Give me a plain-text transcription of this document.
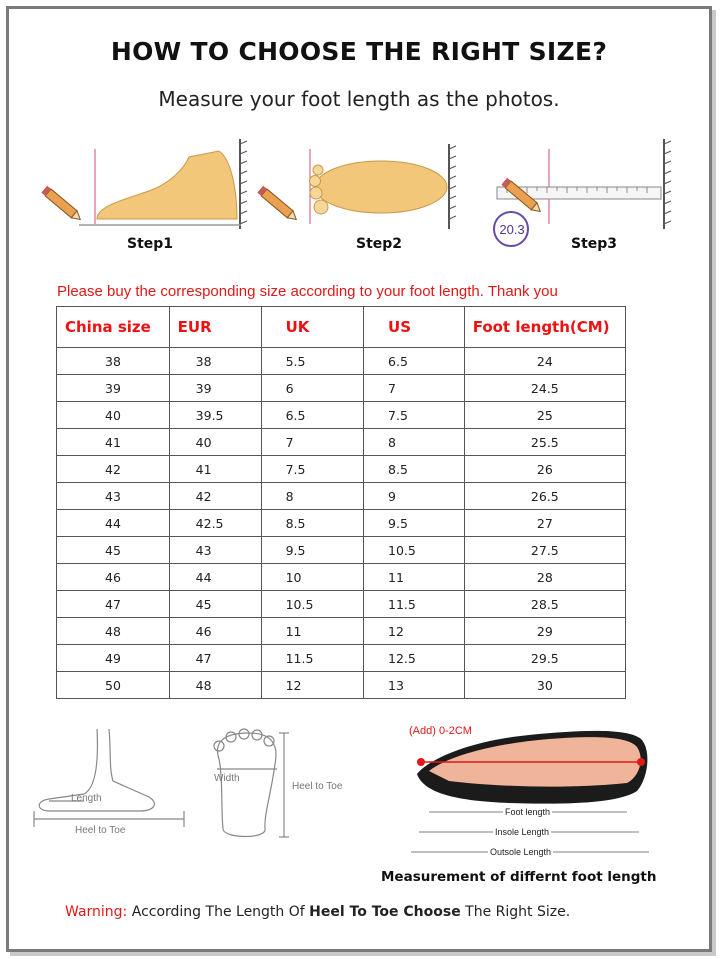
HOW TO CHOOSE THE RIGHT SIZE?
Measure your foot length as the photos.
20.3
Step1	Step2	Step3
Please buy the corresponding size according to your foot length. Thank you
China size	EUR	UK	US	Foot length(CM)
38	38	5.5	6.5	24
39	39	6	7	24.5
40	39.5	6.5	7.5	25
41	40	7	8	25.5
42	41	7.5	8.5	26
43	42	8	9	26.5
44	42.5	8.5	9.5	27
45	43	9.5	10.5	27.5
46	44	10	11	28
47	45	10.5	11.5	28.5
48	46	11	12	29
49	47	11.5	12.5	29.5
50	48	12	13	30
Length
Heel to Toe
Width
Heel to Toe
(Add) 0-2CM
Foot length
Insole Length
Outsole Length
Measurement of differnt foot length
Warning: According The Length Of Heel To Toe Choose The Right Size.
